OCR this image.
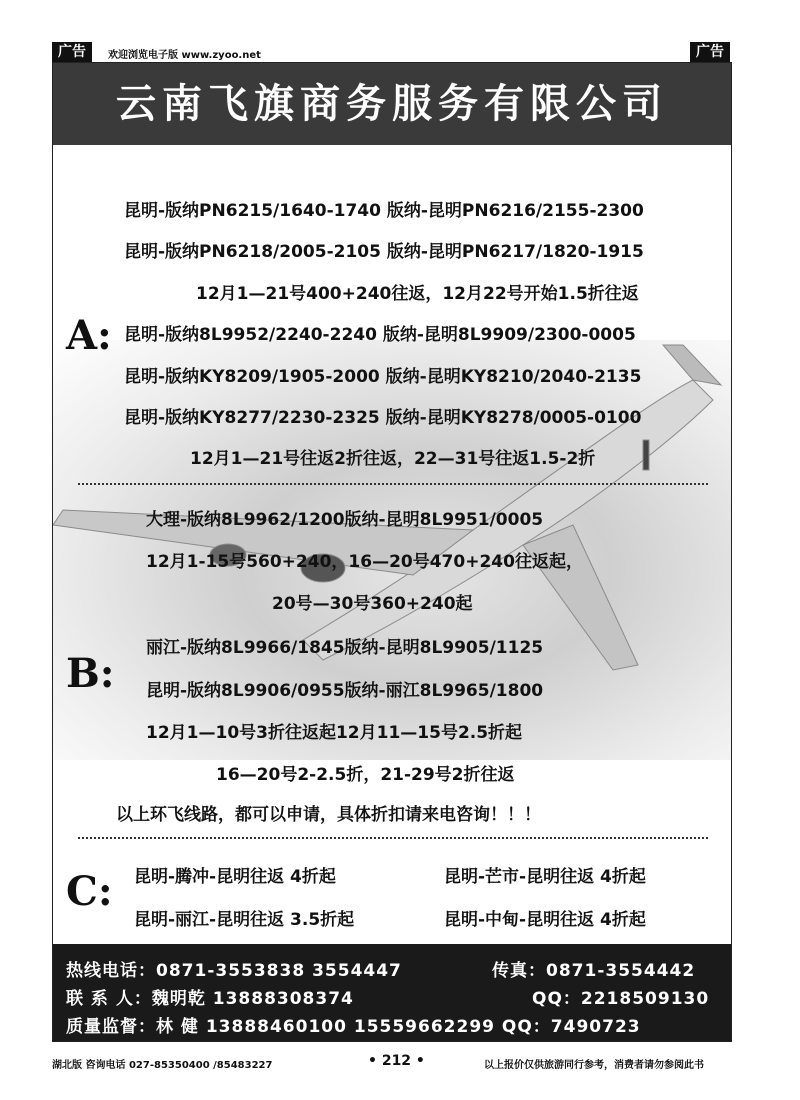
广告	欢迎浏览电子版 www.zyoo.net	广告
云南飞旗商务服务有限公司
A:
昆明-版纳PN6215/1640-1740 版纳-昆明PN6216/2155-2300
昆明-版纳PN6218/2005-2105 版纳-昆明PN6217/1820-1915
12月1—21号400+240往返，12月22号开始1.5折往返
昆明-版纳8L9952/2240-2240 版纳-昆明8L9909/2300-0005
昆明-版纳KY8209/1905-2000 版纳-昆明KY8210/2040-2135
昆明-版纳KY8277/2230-2325 版纳-昆明KY8278/0005-0100
12月1—21号往返2折往返，22—31号往返1.5-2折
B:
大理-版纳8L9962/1200版纳-昆明8L9951/0005
12月1-15号560+240，16—20号470+240往返起，
20号—30号360+240起
丽江-版纳8L9966/1845版纳-昆明8L9905/1125
昆明-版纳8L9906/0955版纳-丽江8L9965/1800
12月1—10号3折往返起12月11—15号2.5折起
16—20号2-2.5折，21-29号2折往返
以上环飞线路，都可以申请，具体折扣请来电咨询！！！
C: 昆明-腾冲-昆明往返 4折起	昆明-芒市-昆明往返 4折起
昆明-丽江-昆明往返 3.5折起	昆明-中甸-昆明往返 4折起
热线电话：0871-3553838 3554447	传真：0871-3554442
联 系 人：魏明乾 13888308374	QQ：2218509130
质量监督：林 健 13888460100 15559662299 QQ：7490723
湖北版 咨询电话 027-85350400 /85483227	• 212 •	以上报价仅供旅游同行参考，消费者请勿参阅此书
